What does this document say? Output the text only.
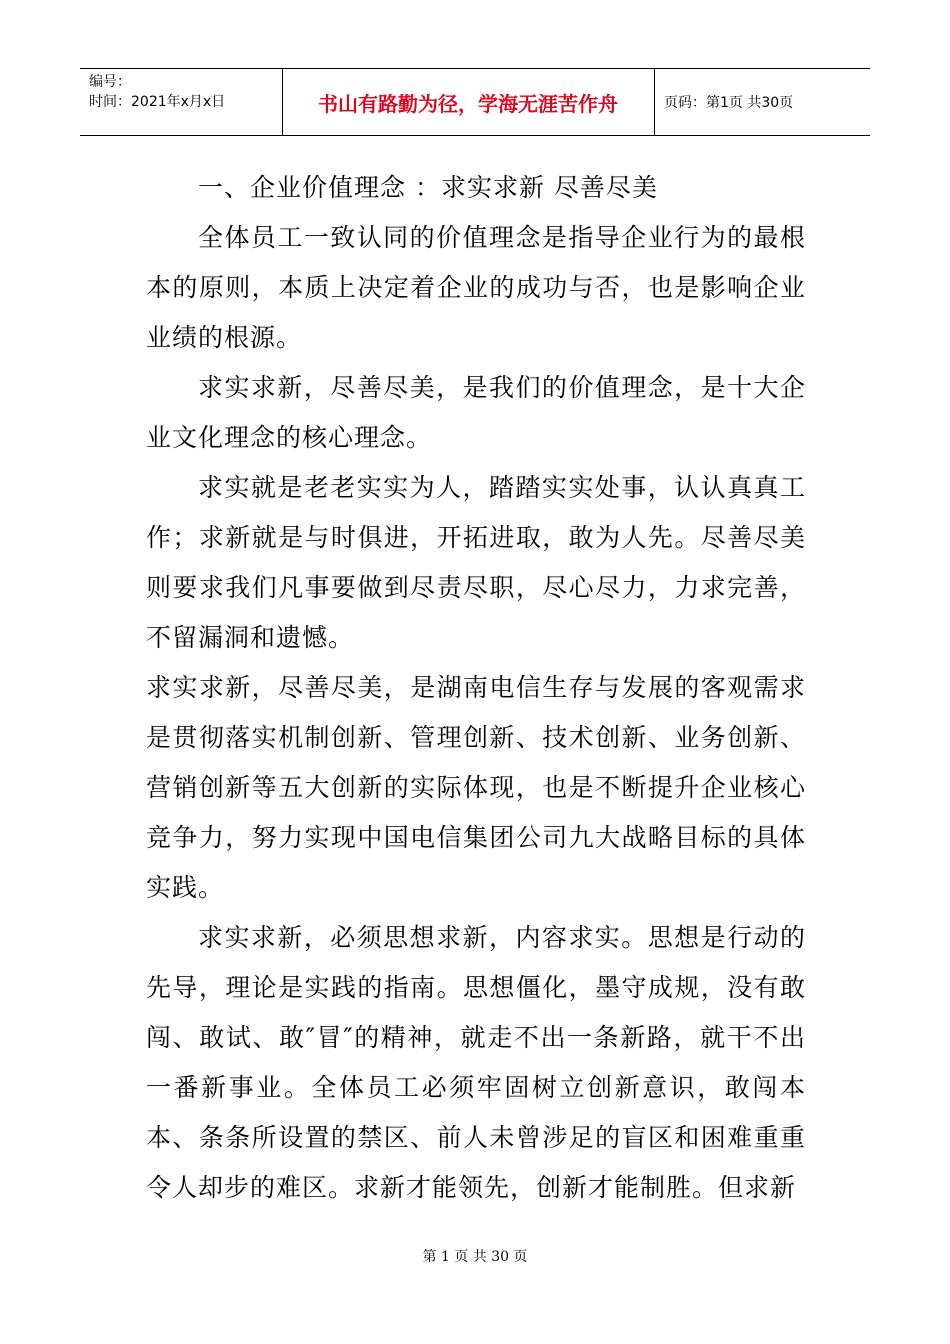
编号：
时间：2021年x月x日	书山有路勤为径，学海无涯苦作舟	页码：第1页 共30页

一、企业价值理念 ：求实求新 尽善尽美

全体员工一致认同的价值理念是指导企业行为的最根本的原则，本质上决定着企业的成功与否，也是影响企业业绩的根源。

求实求新，尽善尽美，是我们的价值理念，是十大企业文化理念的核心理念。

求实就是老老实实为人，踏踏实实处事，认认真真工作；求新就是与时俱进，开拓进取，敢为人先。尽善尽美则要求我们凡事要做到尽责尽职，尽心尽力，力求完善，不留漏洞和遗憾。

求实求新，尽善尽美，是湖南电信生存与发展的客观需求是贯彻落实机制创新、管理创新、技术创新、业务创新、营销创新等五大创新的实际体现，也是不断提升企业核心竞争力，努力实现中国电信集团公司九大战略目标的具体实践。

求实求新，必须思想求新，内容求实。思想是行动的先导，理论是实践的指南。思想僵化，墨守成规，没有敢闯、敢试、敢″冒″的精神，就走不出一条新路，就干不出一番新事业。全体员工必须牢固树立创新意识，敢闯本本、条条所设置的禁区、前人未曾涉足的盲区和困难重重令人却步的难区。求新才能领先，创新才能制胜。但求新

第 1 页 共 30 页
